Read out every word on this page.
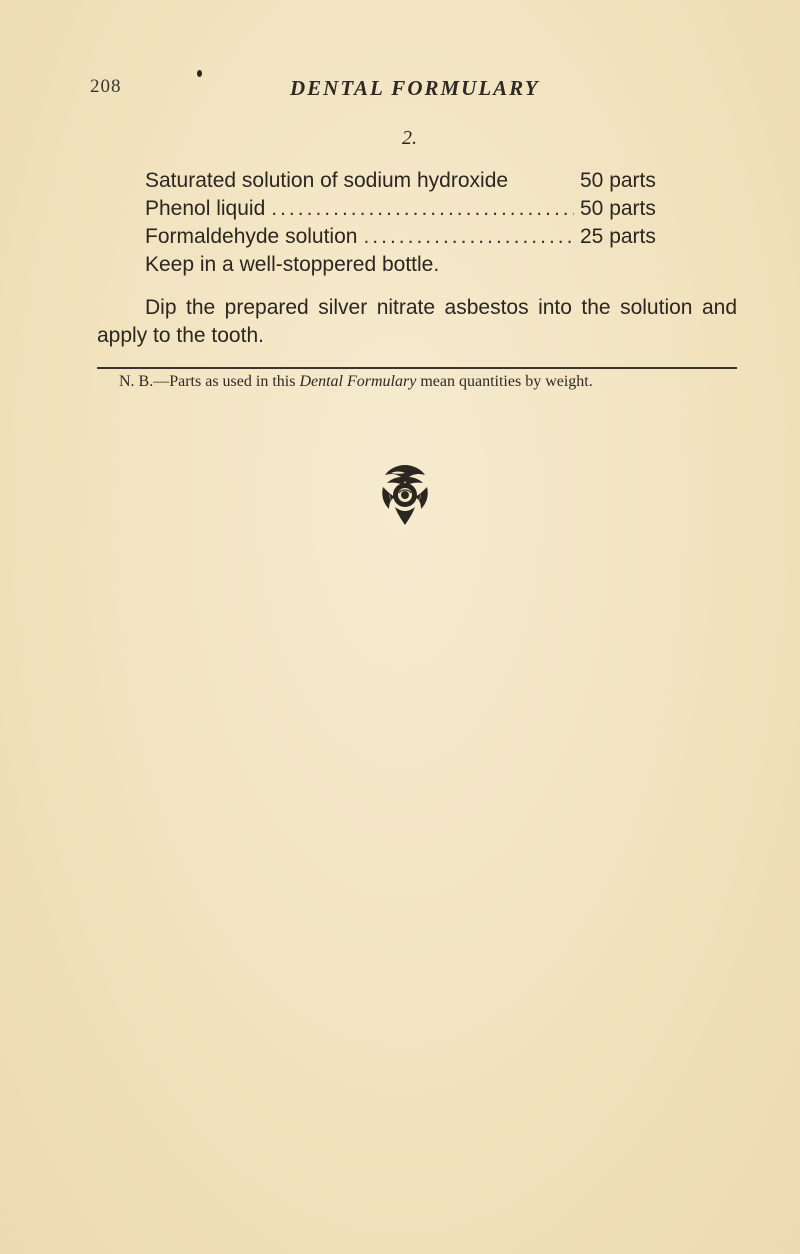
208	DENTAL FORMULARY
2.
Saturated solution of sodium hydroxide	50 parts
Phenol liquid .....	50 parts
Formaldehyde solution .....	25 parts
Keep in a well-stoppered bottle.
Dip the prepared silver nitrate asbestos into the solution and apply to the tooth.
N. B.—Parts as used in this Dental Formulary mean quantities by weight.
